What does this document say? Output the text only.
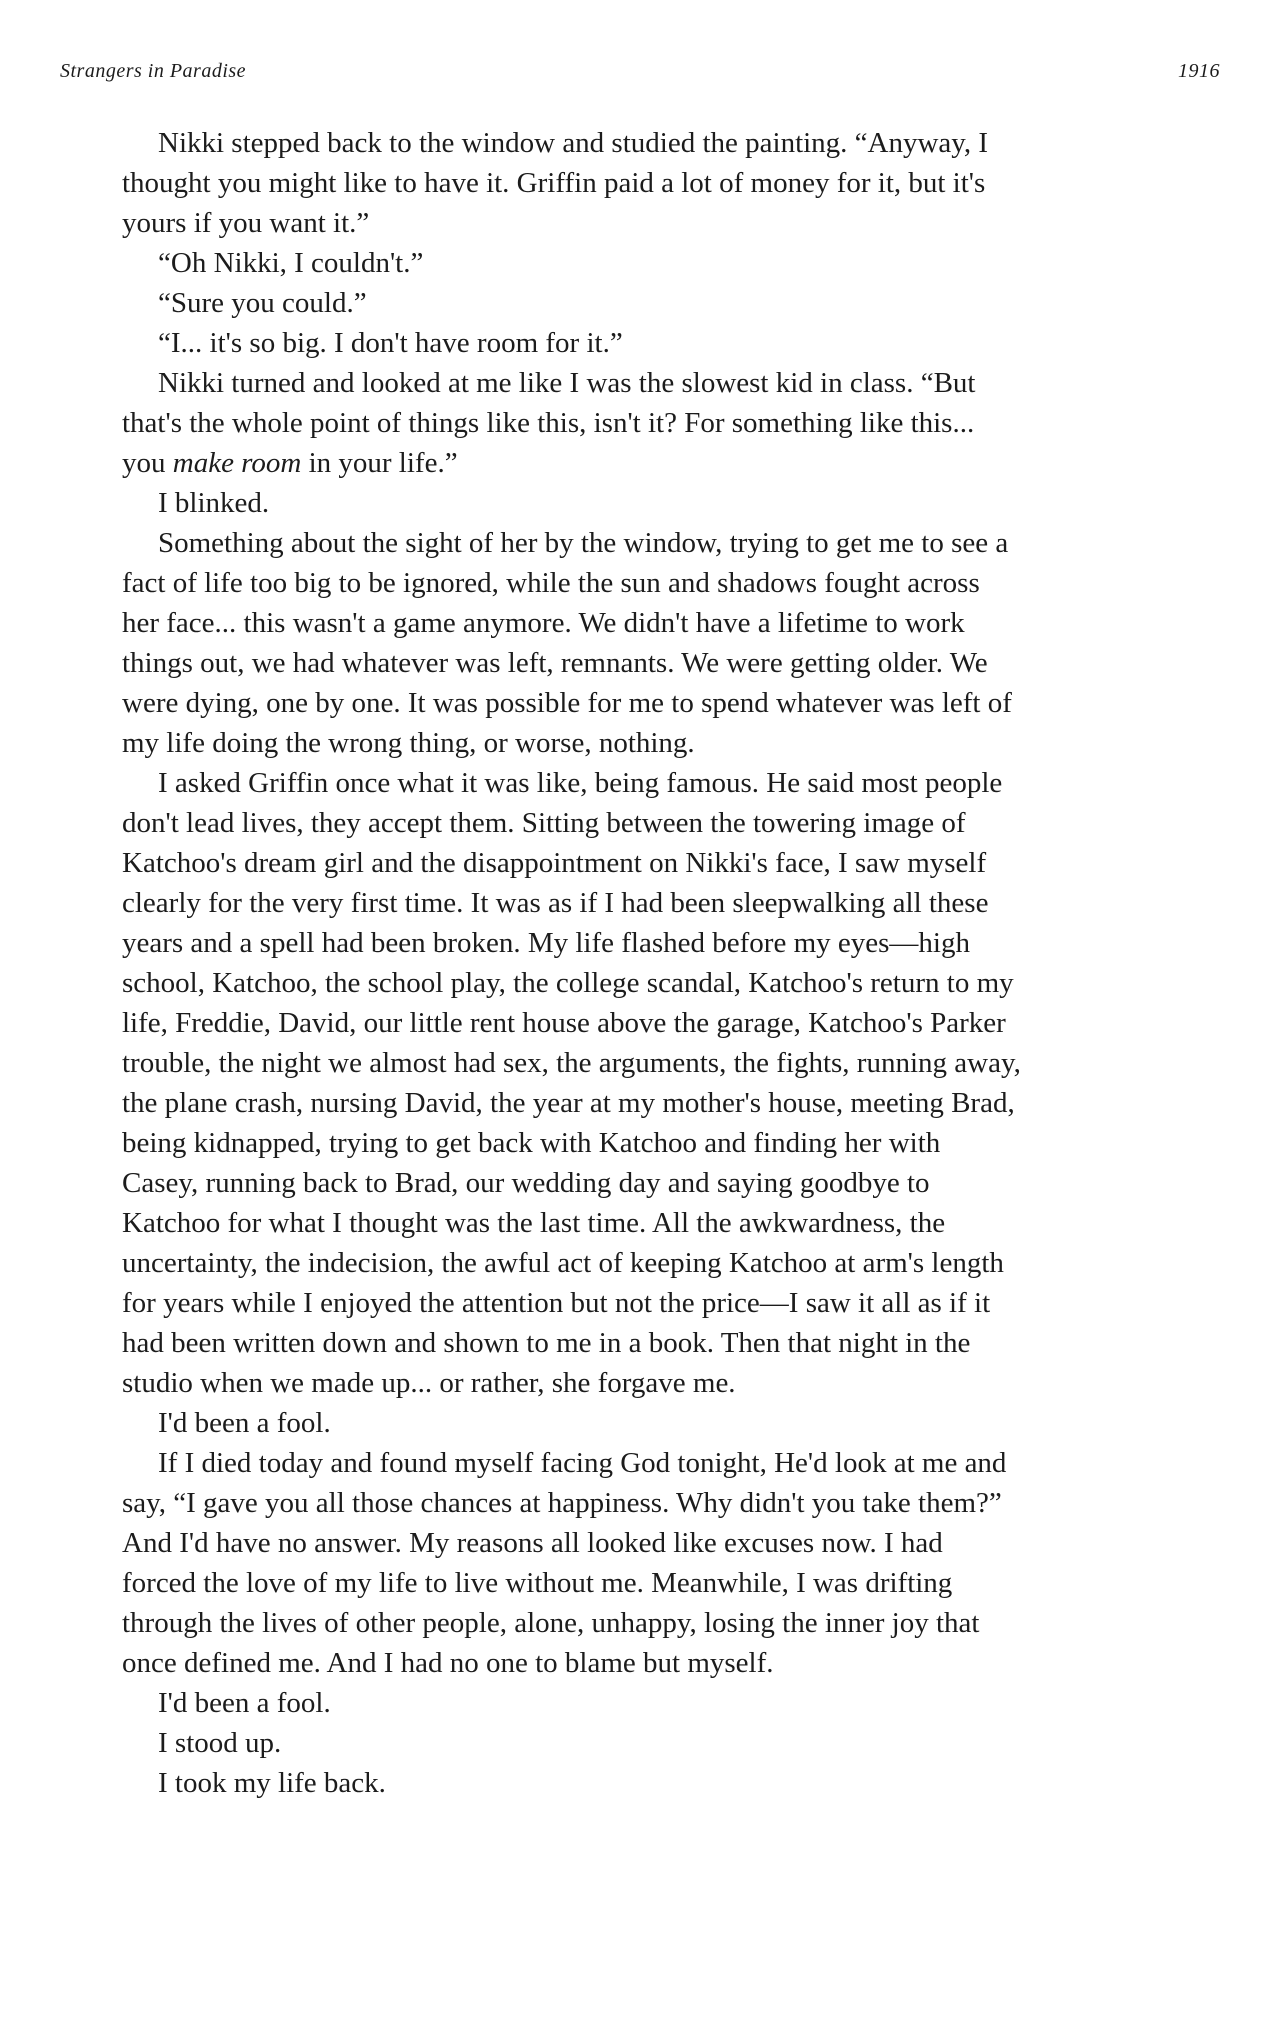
Strangers in Paradise	1916
Nikki stepped back to the window and studied the painting. “Anyway, I
thought you might like to have it. Griffin paid a lot of money for it, but it's
yours if you want it.”
“Oh Nikki, I couldn't.”
“Sure you could.”
“I... it's so big. I don't have room for it.”
Nikki turned and looked at me like I was the slowest kid in class. “But
that's the whole point of things like this, isn't it? For something like this...
you make room in your life.”
I blinked.
Something about the sight of her by the window, trying to get me to see a
fact of life too big to be ignored, while the sun and shadows fought across
her face... this wasn't a game anymore. We didn't have a lifetime to work
things out, we had whatever was left, remnants. We were getting older. We
were dying, one by one. It was possible for me to spend whatever was left of
my life doing the wrong thing, or worse, nothing.
I asked Griffin once what it was like, being famous. He said most people
don't lead lives, they accept them. Sitting between the towering image of
Katchoo's dream girl and the disappointment on Nikki's face, I saw myself
clearly for the very first time. It was as if I had been sleepwalking all these
years and a spell had been broken. My life flashed before my eyes—high
school, Katchoo, the school play, the college scandal, Katchoo's return to my
life, Freddie, David, our little rent house above the garage, Katchoo's Parker
trouble, the night we almost had sex, the arguments, the fights, running away,
the plane crash, nursing David, the year at my mother's house, meeting Brad,
being kidnapped, trying to get back with Katchoo and finding her with
Casey, running back to Brad, our wedding day and saying goodbye to
Katchoo for what I thought was the last time. All the awkwardness, the
uncertainty, the indecision, the awful act of keeping Katchoo at arm's length
for years while I enjoyed the attention but not the price—I saw it all as if it
had been written down and shown to me in a book. Then that night in the
studio when we made up... or rather, she forgave me.
I'd been a fool.
If I died today and found myself facing God tonight, He'd look at me and
say, “I gave you all those chances at happiness. Why didn't you take them?”
And I'd have no answer. My reasons all looked like excuses now. I had
forced the love of my life to live without me. Meanwhile, I was drifting
through the lives of other people, alone, unhappy, losing the inner joy that
once defined me. And I had no one to blame but myself.
I'd been a fool.
I stood up.
I took my life back.
